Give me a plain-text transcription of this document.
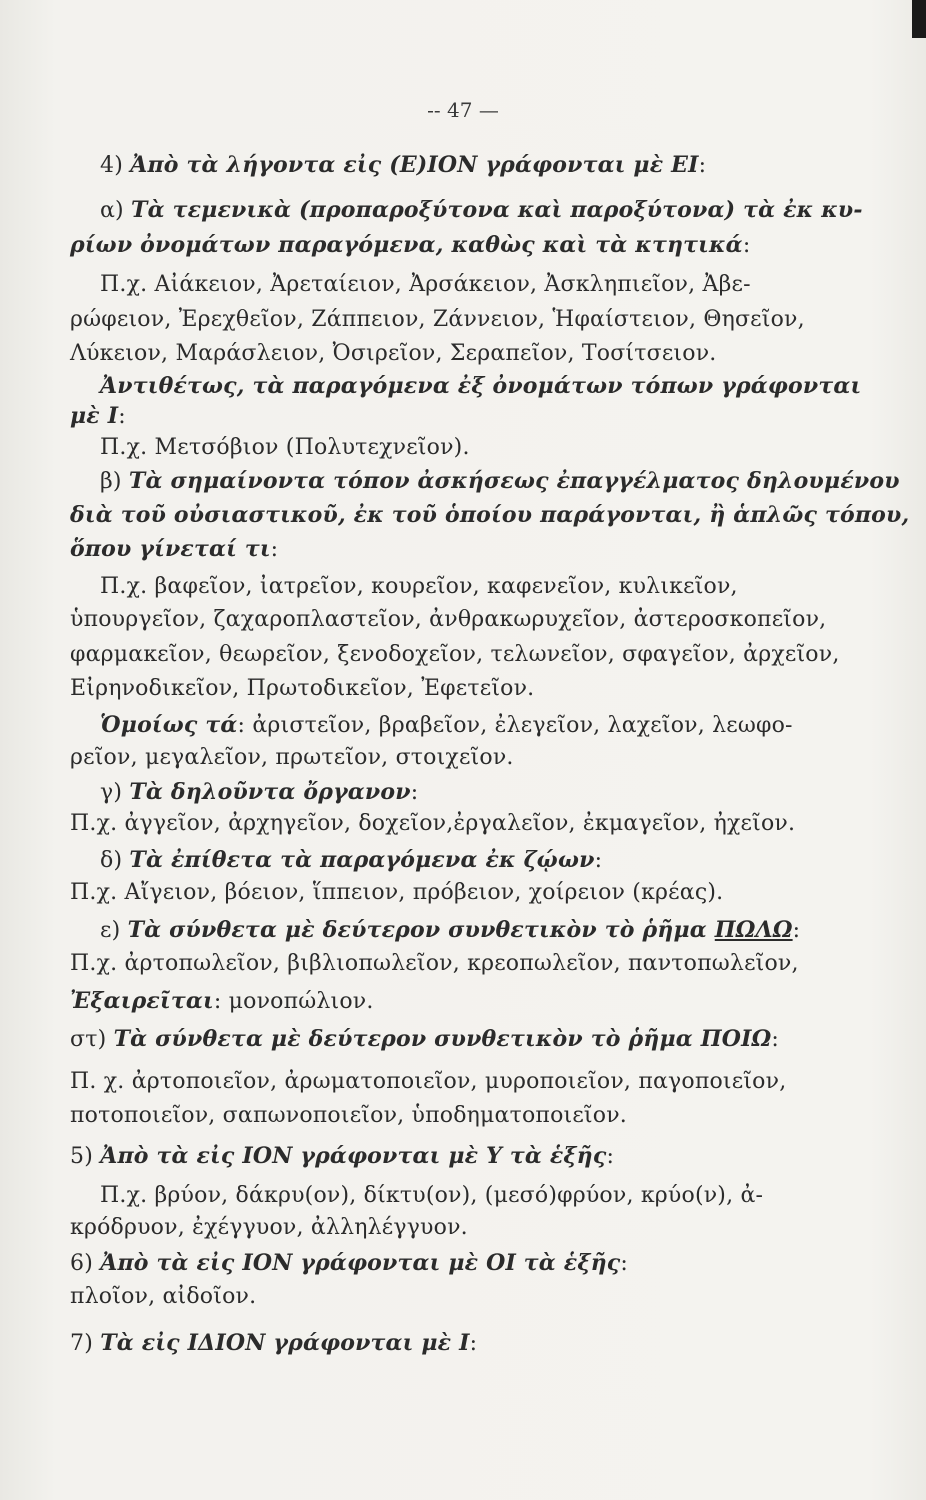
-- 47 —
4) Ἀπὸ τὰ λήγοντα εἰς (Ε)ΙΟΝ γράφονται μὲ ΕΙ:
α) Τὰ τεμενικὰ (προπαροξύτονα καὶ παροξύτονα) τὰ ἐκ κυ-
ρίων ὀνομάτων παραγόμενα, καθὼς καὶ τὰ κτητικά:
Π.χ. Αἰάκειον, Ἀρεταίειον, Ἀρσάκειον, Ἀσκληπιεῖον, Ἀβε-
ρώφειον, Ἐρεχθεῖον, Ζάππειον, Ζάννειον, Ἡφαίστειον, Θησεῖον,
Λύκειον, Μαράσλειον, Ὀσιρεῖον, Σεραπεῖον, Τοσίτσειον.
Ἀντιθέτως, τὰ παραγόμενα ἐξ ὀνομάτων τόπων γράφονται
μὲ Ι:
Π.χ. Μετσόβιον (Πολυτεχνεῖον).
β) Τὰ σημαίνοντα τόπον ἀσκήσεως ἐπαγγέλματος δηλουμένου
διὰ τοῦ οὐσιαστικοῦ, ἐκ τοῦ ὁποίου παράγονται, ἢ ἁπλῶς τόπου,
ὅπου γίνεταί τι:
Π.χ. βαφεῖον, ἰατρεῖον, κουρεῖον, καφενεῖον, κυλικεῖον,
ὑπουργεῖον, ζαχαροπλαστεῖον, ἀνθρακωρυχεῖον, ἀστεροσκοπεῖον,
φαρμακεῖον, θεωρεῖον, ξενοδοχεῖον, τελωνεῖον, σφαγεῖον, ἀρχεῖον,
Εἰρηνοδικεῖον, Πρωτοδικεῖον, Ἐφετεῖον.
Ὁμοίως τά: ἀριστεῖον, βραβεῖον, ἐλεγεῖον, λαχεῖον, λεωφο-
ρεῖον, μεγαλεῖον, πρωτεῖον, στοιχεῖον.
γ) Τὰ δηλοῦντα ὄργανον:
Π.χ. ἀγγεῖον, ἀρχηγεῖον, δοχεῖον,ἐργαλεῖον, ἐκμαγεῖον, ἠχεῖον.
δ) Τὰ ἐπίθετα τὰ παραγόμενα ἐκ ζῴων:
Π.χ. Αἴγειον, βόειον, ἵππειον, πρόβειον, χοίρειον (κρέας).
ε) Τὰ σύνθετα μὲ δεύτερον συνθετικὸν τὸ ῥῆμα ΠΩΛΩ:
Π.χ. ἀρτοπωλεῖον, βιβλιοπωλεῖον, κρεοπωλεῖον, παντοπωλεῖον,
Ἐξαιρεῖται: μονοπώλιον.
στ) Τὰ σύνθετα μὲ δεύτερον συνθετικὸν τὸ ῥῆμα ΠΟΙΩ:
Π. χ. ἀρτοποιεῖον, ἀρωματοποιεῖον, μυροποιεῖον, παγοποιεῖον,
ποτοποιεῖον, σαπωνοποιεῖον, ὑποδηματοποιεῖον.
5) Ἀπὸ τὰ εἰς ΙΟΝ γράφονται μὲ Υ τὰ ἑξῆς:
Π.χ. βρύον, δάκρυ(ον), δίκτυ(ον), (μεσό)φρύον, κρύο(ν), ἀ-
κρόδρυον, ἐχέγγυον, ἀλληλέγγυον.
6) Ἀπὸ τὰ εἰς ΙΟΝ γράφονται μὲ ΟΙ τὰ ἑξῆς:
πλοῖον, αἰδοῖον.
7) Τὰ εἰς ΙΔΙΟΝ γράφονται μὲ Ι:
